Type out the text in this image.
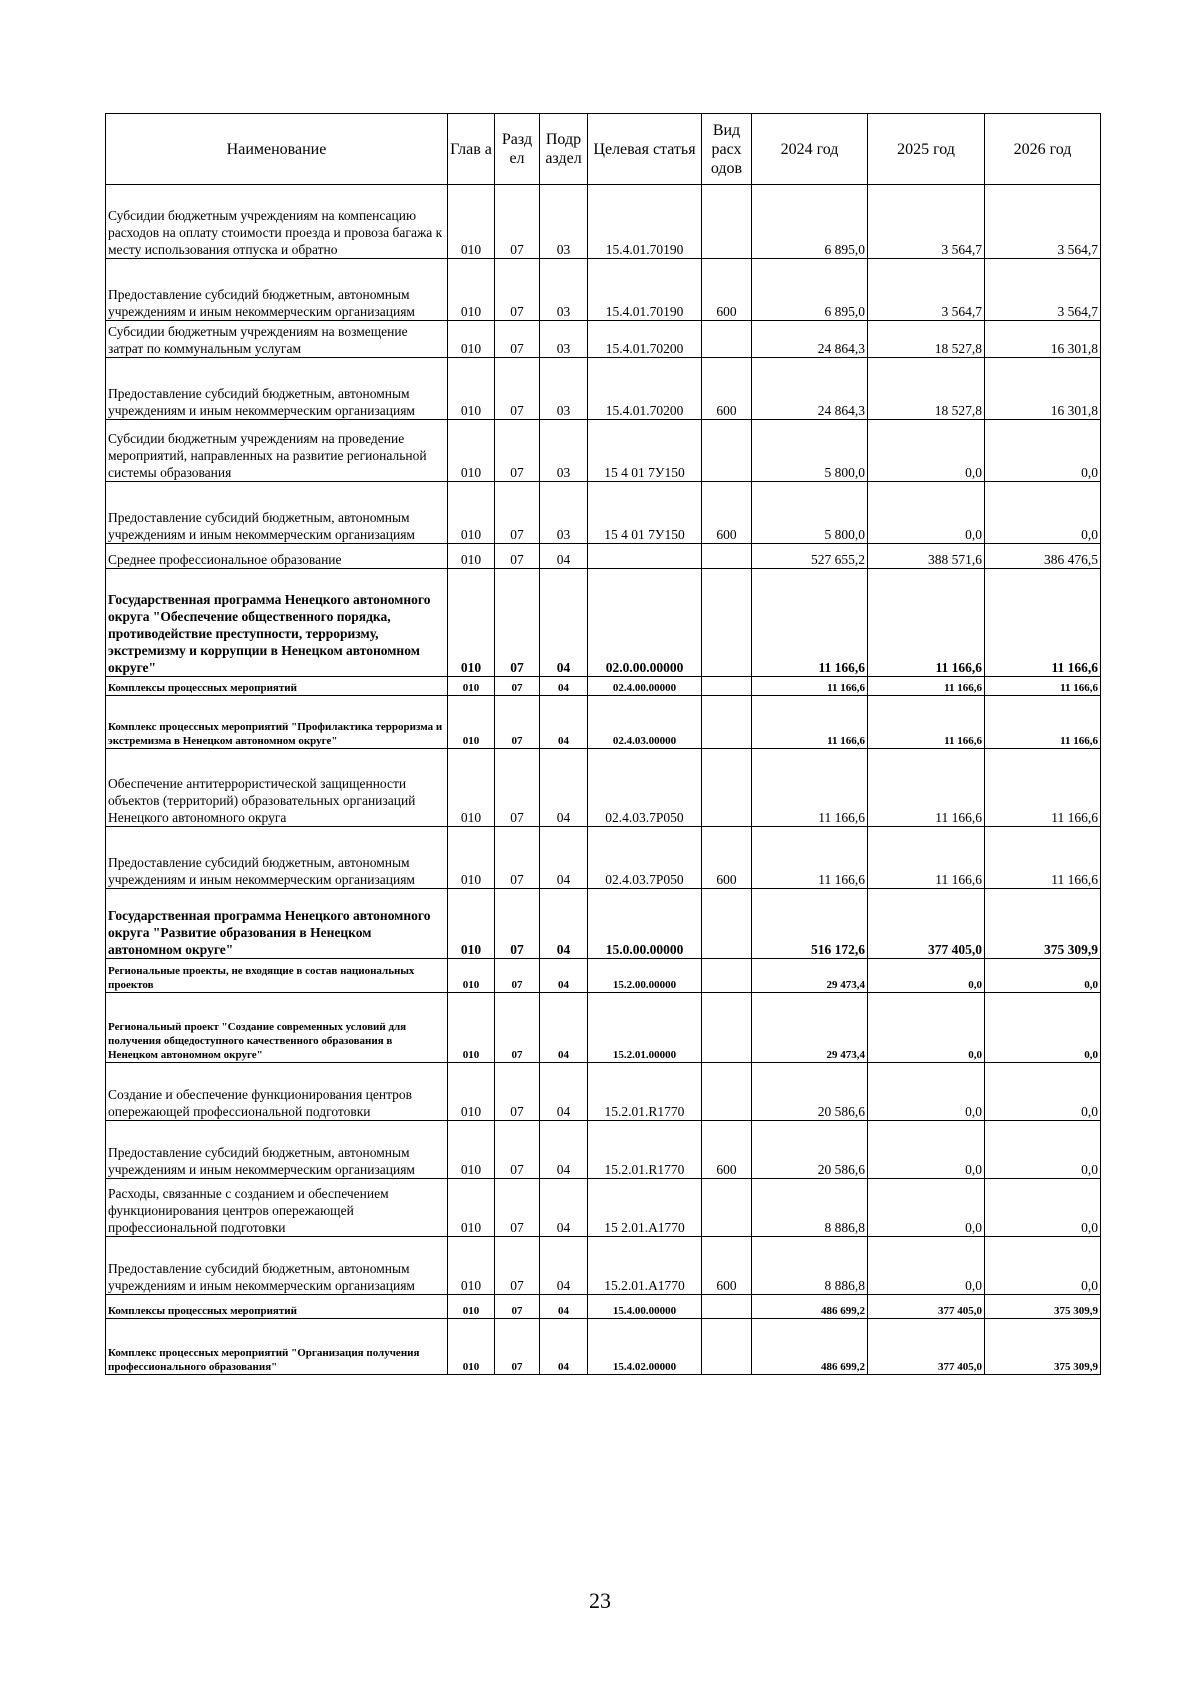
Наименование	Глав а	Разд ел	Подр аздел	Целевая статья	Вид расх одов	2024 год	2025 год	2026 год
Субсидии бюджетным учреждениям на компенсацию расходов на оплату стоимости проезда и провоза багажа к месту использования отпуска и обратно	010	07	03	15.4.01.70190		6 895,0	3 564,7	3 564,7
Предоставление субсидий бюджетным, автономным учреждениям и иным некоммерческим организациям	010	07	03	15.4.01.70190	600	6 895,0	3 564,7	3 564,7
Субсидии бюджетным учреждениям на возмещение затрат по коммунальным услугам	010	07	03	15.4.01.70200		24 864,3	18 527,8	16 301,8
Предоставление субсидий бюджетным, автономным учреждениям и иным некоммерческим организациям	010	07	03	15.4.01.70200	600	24 864,3	18 527,8	16 301,8
Субсидии бюджетным учреждениям на проведение мероприятий, направленных на развитие региональной системы образования	010	07	03	15 4 01 7У150		5 800,0	0,0	0,0
Предоставление субсидий бюджетным, автономным учреждениям и иным некоммерческим организациям	010	07	03	15 4 01 7У150	600	5 800,0	0,0	0,0
Среднее профессиональное образование	010	07	04			527 655,2	388 571,6	386 476,5
Государственная программа Ненецкого автономного округа "Обеспечение общественного порядка, противодействие преступности, терроризму, экстремизму и коррупции в Ненецком автономном округе"	010	07	04	02.0.00.00000		11 166,6	11 166,6	11 166,6
Комплексы процессных мероприятий	010	07	04	02.4.00.00000		11 166,6	11 166,6	11 166,6
Комплекс процессных мероприятий "Профилактика терроризма и экстремизма в Ненецком автономном округе"	010	07	04	02.4.03.00000		11 166,6	11 166,6	11 166,6
Обеспечение антитеррористической защищенности объектов (территорий) образовательных организаций Ненецкого автономного округа	010	07	04	02.4.03.7Р050		11 166,6	11 166,6	11 166,6
Предоставление субсидий бюджетным, автономным учреждениям и иным некоммерческим организациям	010	07	04	02.4.03.7Р050	600	11 166,6	11 166,6	11 166,6
Государственная программа Ненецкого автономного округа "Развитие образования в Ненецком автономном округе"	010	07	04	15.0.00.00000		516 172,6	377 405,0	375 309,9
Региональные проекты, не входящие в состав национальных проектов	010	07	04	15.2.00.00000		29 473,4	0,0	0,0
Региональный проект "Создание современных условий для получения общедоступного качественного образования в Ненецком автономном округе"	010	07	04	15.2.01.00000		29 473,4	0,0	0,0
Создание и обеспечение функционирования центров опережающей профессиональной подготовки	010	07	04	15.2.01.R1770		20 586,6	0,0	0,0
Предоставление субсидий бюджетным, автономным учреждениям и иным некоммерческим организациям	010	07	04	15.2.01.R1770	600	20 586,6	0,0	0,0
Расходы, связанные с созданием и обеспечением функционирования центров опережающей профессиональной подготовки	010	07	04	15 2.01.A1770		8 886,8	0,0	0,0
Предоставление субсидий бюджетным, автономным учреждениям и иным некоммерческим организациям	010	07	04	15.2.01.A1770	600	8 886,8	0,0	0,0
Комплексы процессных мероприятий	010	07	04	15.4.00.00000		486 699,2	377 405,0	375 309,9
Комплекс процессных мероприятий "Организация получения профессионального образования"	010	07	04	15.4.02.00000		486 699,2	377 405,0	375 309,9
23
